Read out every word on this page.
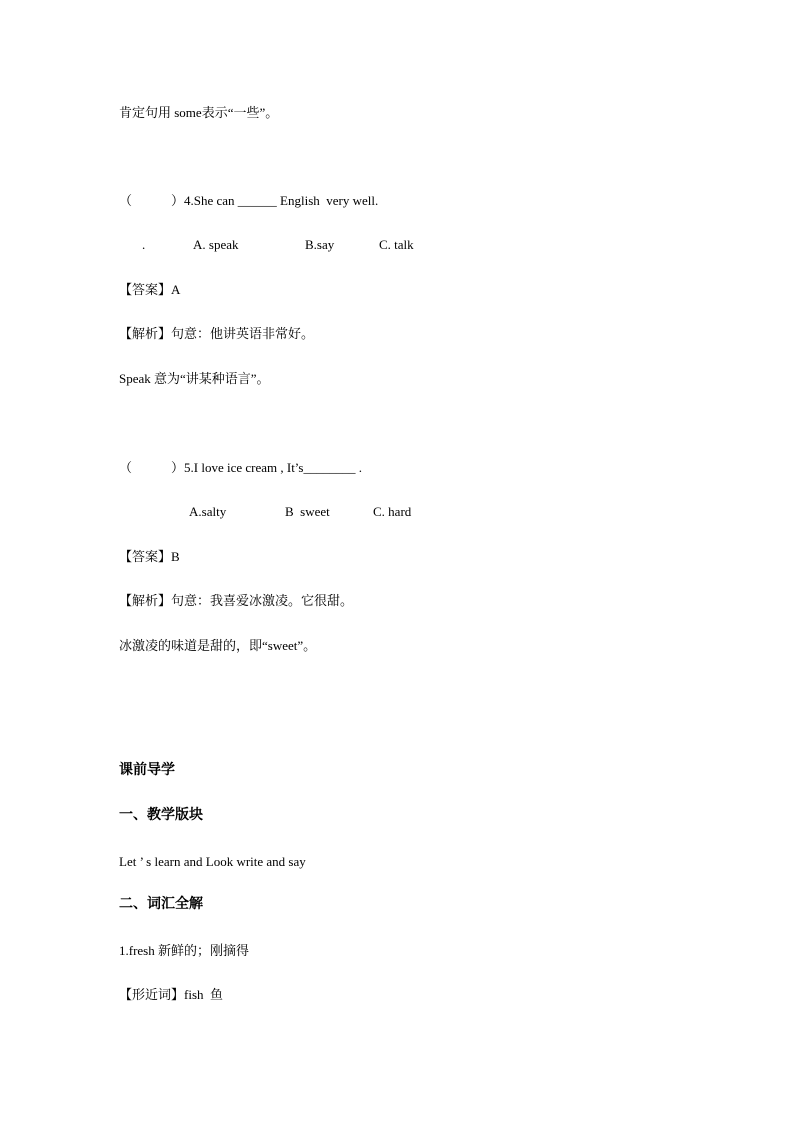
肯定句用 some表示“一些”。
（            ）4.She can ______ English  very well.
.	A. speak	B.say	C. talk
【答案】A
【解析】句意：他讲英语非常好。
Speak 意为“讲某种语言”。
（            ）5.I love ice cream , It’s________ .
A.salty	B  sweet	C. hard
【答案】B
【解析】句意：我喜爱冰激凌。它很甜。
冰激凌的味道是甜的，即“sweet”。
课前导学
一、教学版块
Let ’ s learn and Look write and say
二、词汇全解
1.fresh 新鲜的；刚摘得
【形近词】fish  鱼
